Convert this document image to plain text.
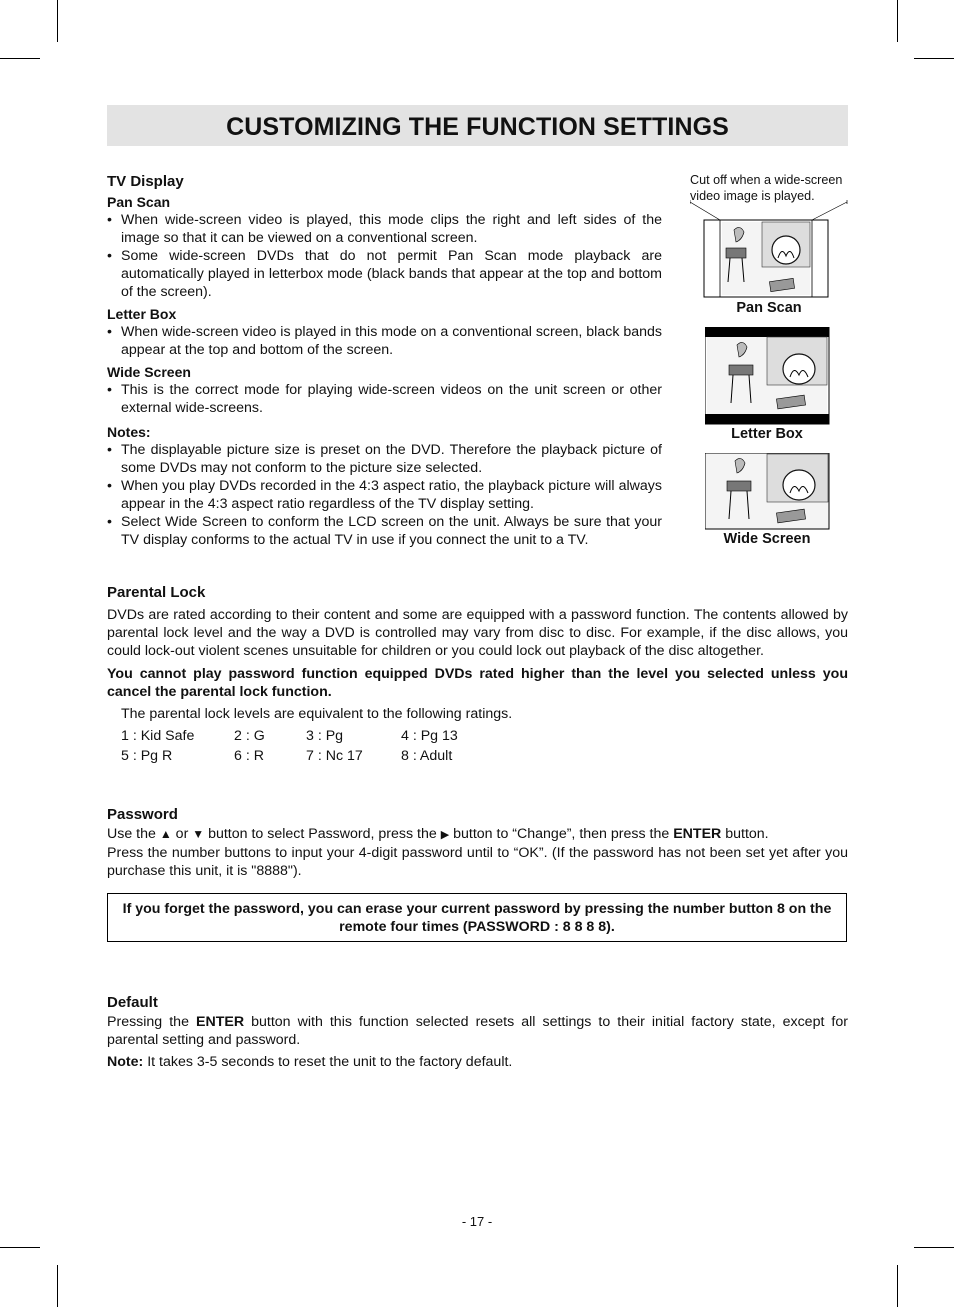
CUSTOMIZING THE FUNCTION SETTINGS
TV Display
Pan Scan
• When wide-screen video is played, this mode clips the right and left sides of the image so that it can be viewed on a conventional screen.
• Some wide-screen DVDs that do not permit Pan Scan mode playback are automatically played in letterbox mode (black bands that appear at the top and bottom of the screen).
Letter Box
• When wide-screen video is played in this mode on a conventional screen, black bands appear at the top and bottom of the screen.
Wide Screen
• This is the correct mode for playing wide-screen videos on the unit screen or other external wide-screens.
Notes:
• The displayable picture size is preset on the DVD. Therefore the playback picture of some DVDs may not conform to the picture size selected.
• When you play DVDs recorded in the 4:3 aspect ratio, the playback picture will always appear in the 4:3 aspect ratio regardless of the TV display setting.
• Select Wide Screen to conform the LCD screen on the unit. Always be sure that your TV display conforms to the actual TV in use if you connect the unit to a TV.
Cut off when a wide-screen video image is played.
Pan Scan
Letter Box
Wide Screen
Parental Lock

DVDs are rated according to their content and some are equipped with a password function. The contents allowed by parental lock level and the way a DVD is controlled may vary from disc to disc. For example, if the disc allows, you could lock-out violent scenes unsuitable for children or you could lock out playback of the disc altogether.

You cannot play password function equipped DVDs rated higher than the level you selected unless you cancel the parental lock function.

The parental lock levels are equivalent to the following ratings.

1 : Kid Safe	2 : G	3 : Pg	4 : Pg 13
5 : Pg R	6 : R	7 : Nc 17	8 : Adult
Password

Use the ▲ or ▼ button to select Password, press the ▶ button to “Change”, then press the ENTER button.

Press the number buttons to input your 4-digit password until to “OK”. (If the password has not been set yet after you purchase this unit, it is "8888").

If you forget the password, you can erase your current password by pressing the number button 8 on the remote four times (PASSWORD : 8 8 8 8).
Default

Pressing the ENTER button with this function selected resets all settings to their initial factory state, except for parental setting and password.

Note: It takes 3-5 seconds to reset the unit to the factory default.

- 17 -
